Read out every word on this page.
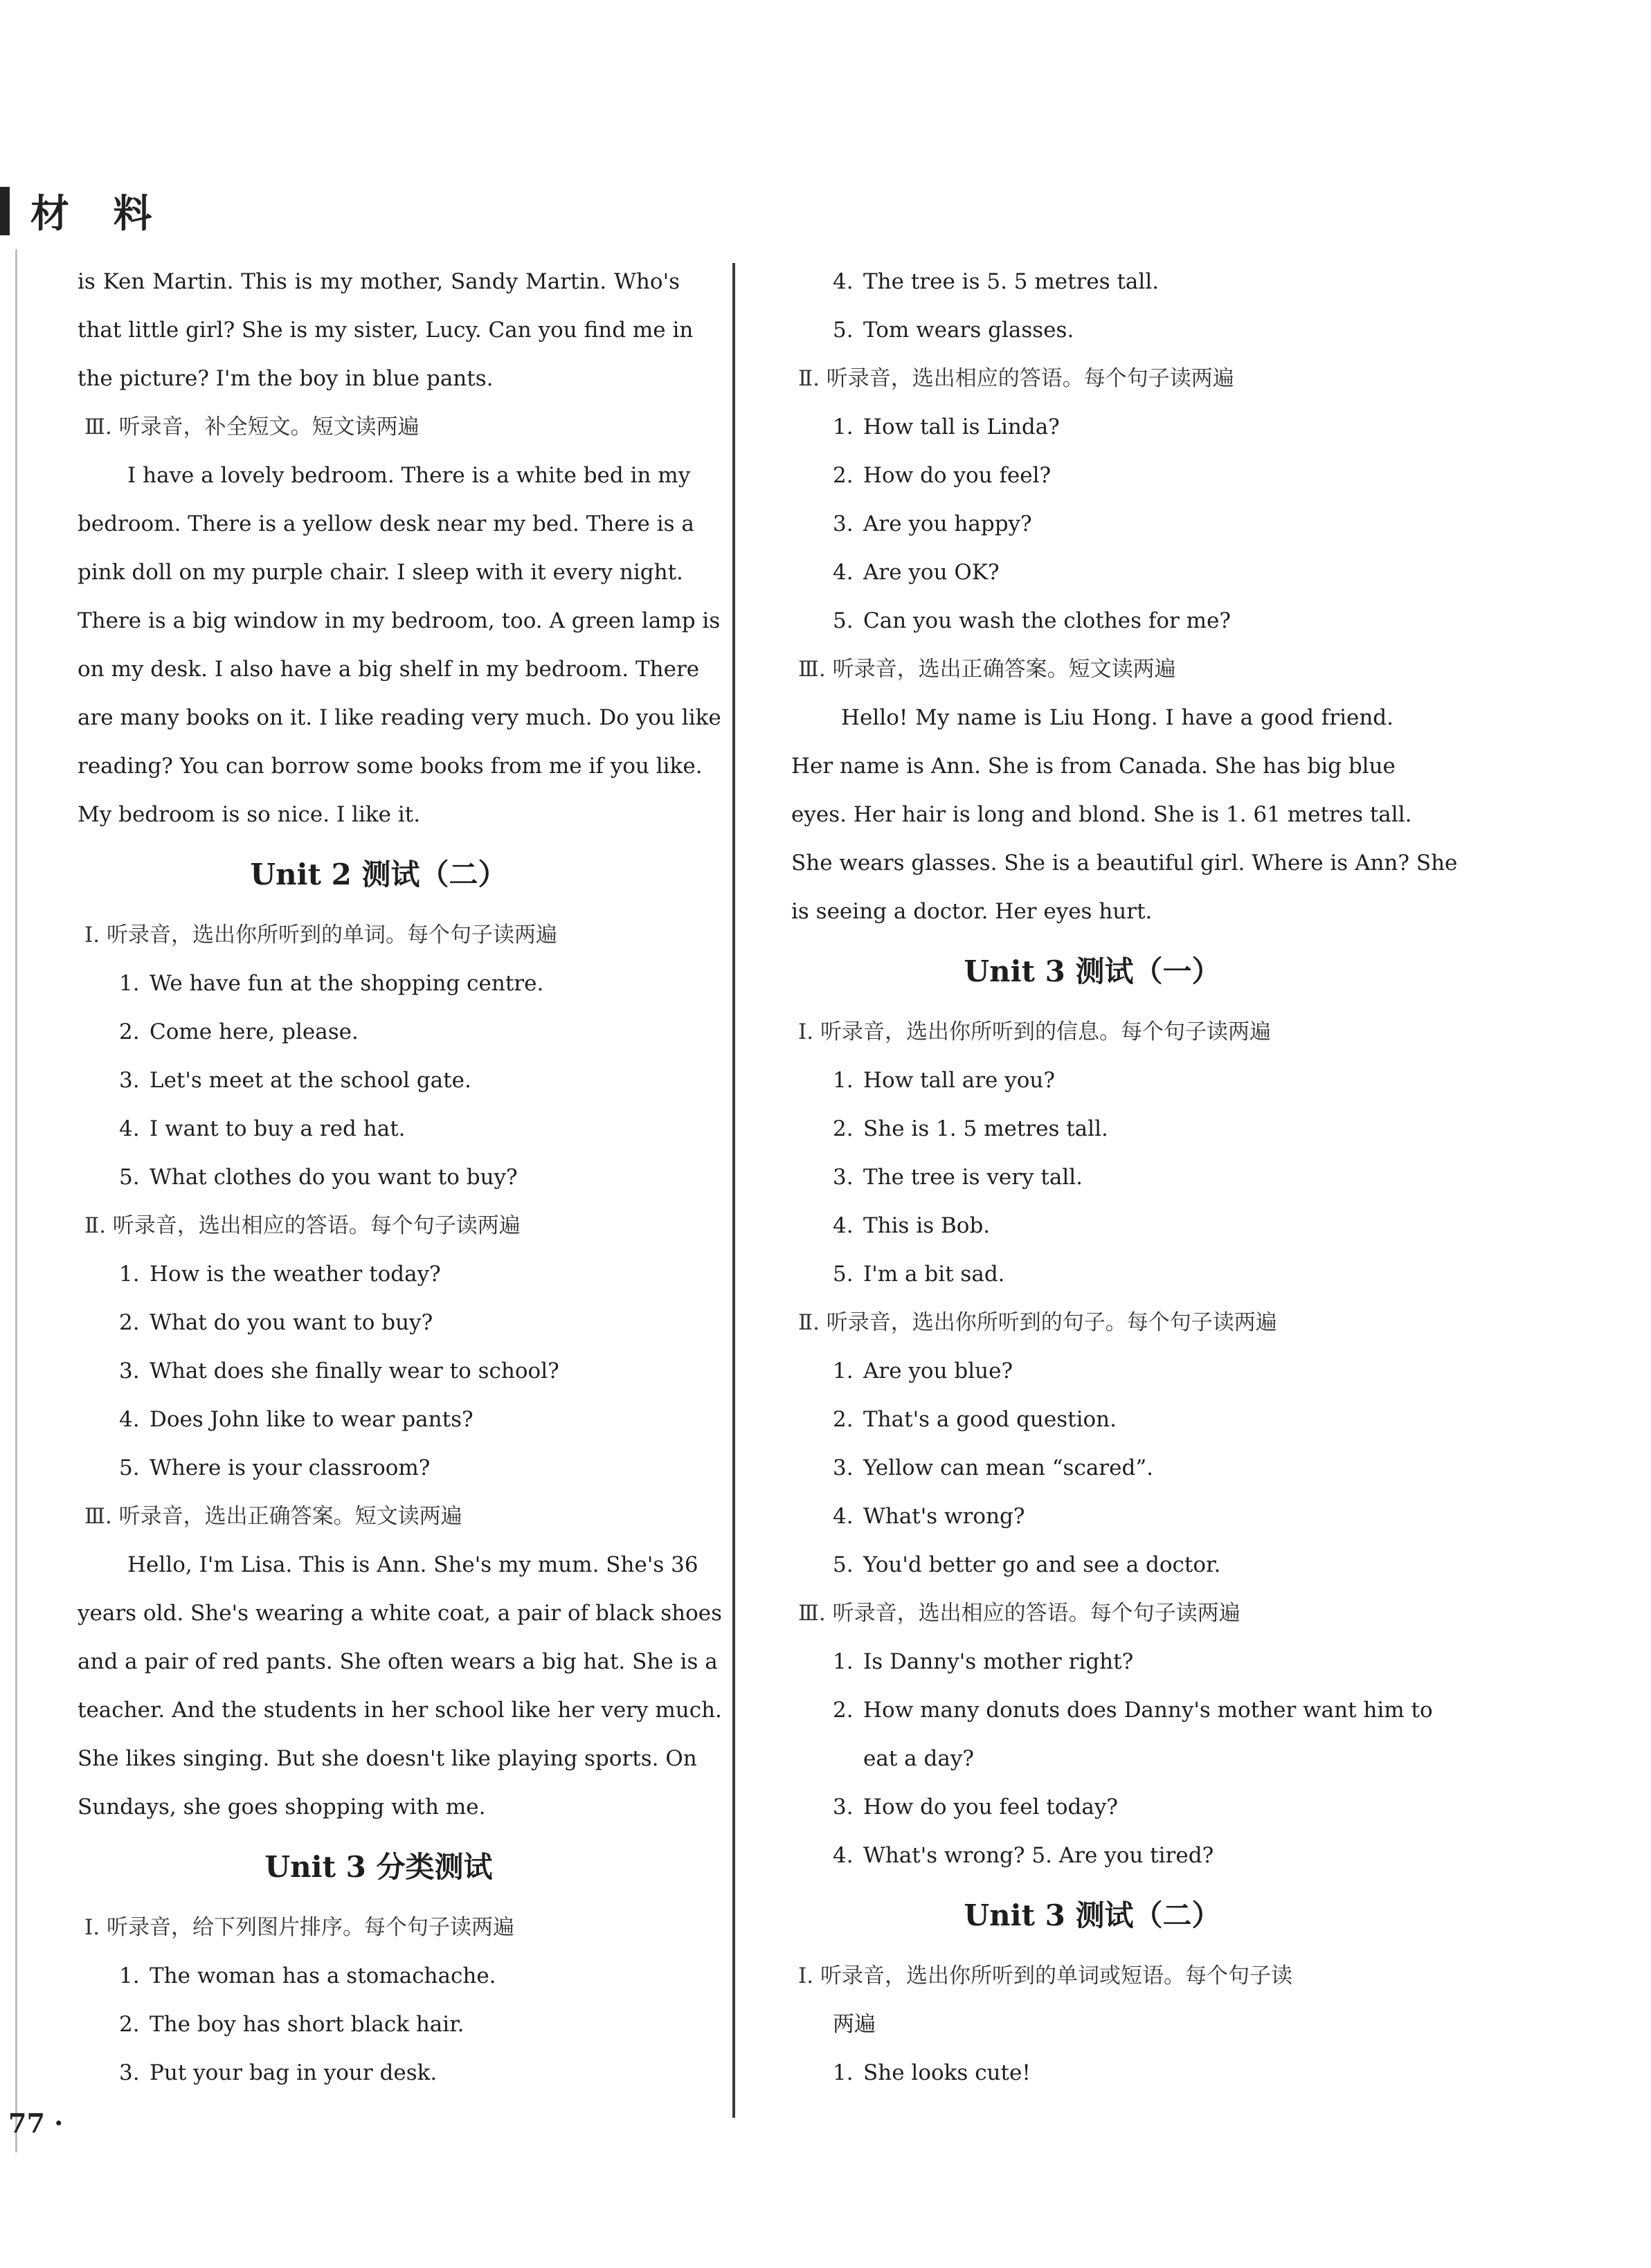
材 料
is Ken Martin. This is my mother, Sandy Martin. Who's
that little girl? She is my sister, Lucy. Can you find me in
the picture? I'm the boy in blue pants.
Ⅲ. 听录音，补全短文。短文读两遍
I have a lovely bedroom. There is a white bed in my
bedroom. There is a yellow desk near my bed. There is a
pink doll on my purple chair. I sleep with it every night.
There is a big window in my bedroom, too. A green lamp is
on my desk. I also have a big shelf in my bedroom. There
are many books on it. I like reading very much. Do you like
reading? You can borrow some books from me if you like.
My bedroom is so nice. I like it.
Unit 2 测试（二）
Ⅰ. 听录音，选出你所听到的单词。每个句子读两遍
1. We have fun at the shopping centre.
2. Come here, please.
3. Let's meet at the school gate.
4. I want to buy a red hat.
5. What clothes do you want to buy?
Ⅱ. 听录音，选出相应的答语。每个句子读两遍
1. How is the weather today?
2. What do you want to buy?
3. What does she finally wear to school?
4. Does John like to wear pants?
5. Where is your classroom?
Ⅲ. 听录音，选出正确答案。短文读两遍
Hello, I'm Lisa. This is Ann. She's my mum. She's 36
years old. She's wearing a white coat, a pair of black shoes
and a pair of red pants. She often wears a big hat. She is a
teacher. And the students in her school like her very much.
She likes singing. But she doesn't like playing sports. On
Sundays, she goes shopping with me.
Unit 3 分类测试
Ⅰ. 听录音，给下列图片排序。每个句子读两遍
1. The woman has a stomachache.
2. The boy has short black hair.
3. Put your bag in your desk.
4. The tree is 5. 5 metres tall.
5. Tom wears glasses.
Ⅱ. 听录音，选出相应的答语。每个句子读两遍
1. How tall is Linda?
2. How do you feel?
3. Are you happy?
4. Are you OK?
5. Can you wash the clothes for me?
Ⅲ. 听录音，选出正确答案。短文读两遍
Hello! My name is Liu Hong. I have a good friend.
Her name is Ann. She is from Canada. She has big blue
eyes. Her hair is long and blond. She is 1. 61 metres tall.
She wears glasses. She is a beautiful girl. Where is Ann? She
is seeing a doctor. Her eyes hurt.
Unit 3 测试（一）
Ⅰ. 听录音，选出你所听到的信息。每个句子读两遍
1. How tall are you?
2. She is 1. 5 metres tall.
3. The tree is very tall.
4. This is Bob.
5. I'm a bit sad.
Ⅱ. 听录音，选出你所听到的句子。每个句子读两遍
1. Are you blue?
2. That's a good question.
3. Yellow can mean “scared”.
4. What's wrong?
5. You'd better go and see a doctor.
Ⅲ. 听录音，选出相应的答语。每个句子读两遍
1. Is Danny's mother right?
2. How many donuts does Danny's mother want him to
eat a day?
3. How do you feel today?
4. What's wrong? 5. Are you tired?
Unit 3 测试（二）
Ⅰ. 听录音，选出你所听到的单词或短语。每个句子读
两遍
1. She looks cute!
77 ·
